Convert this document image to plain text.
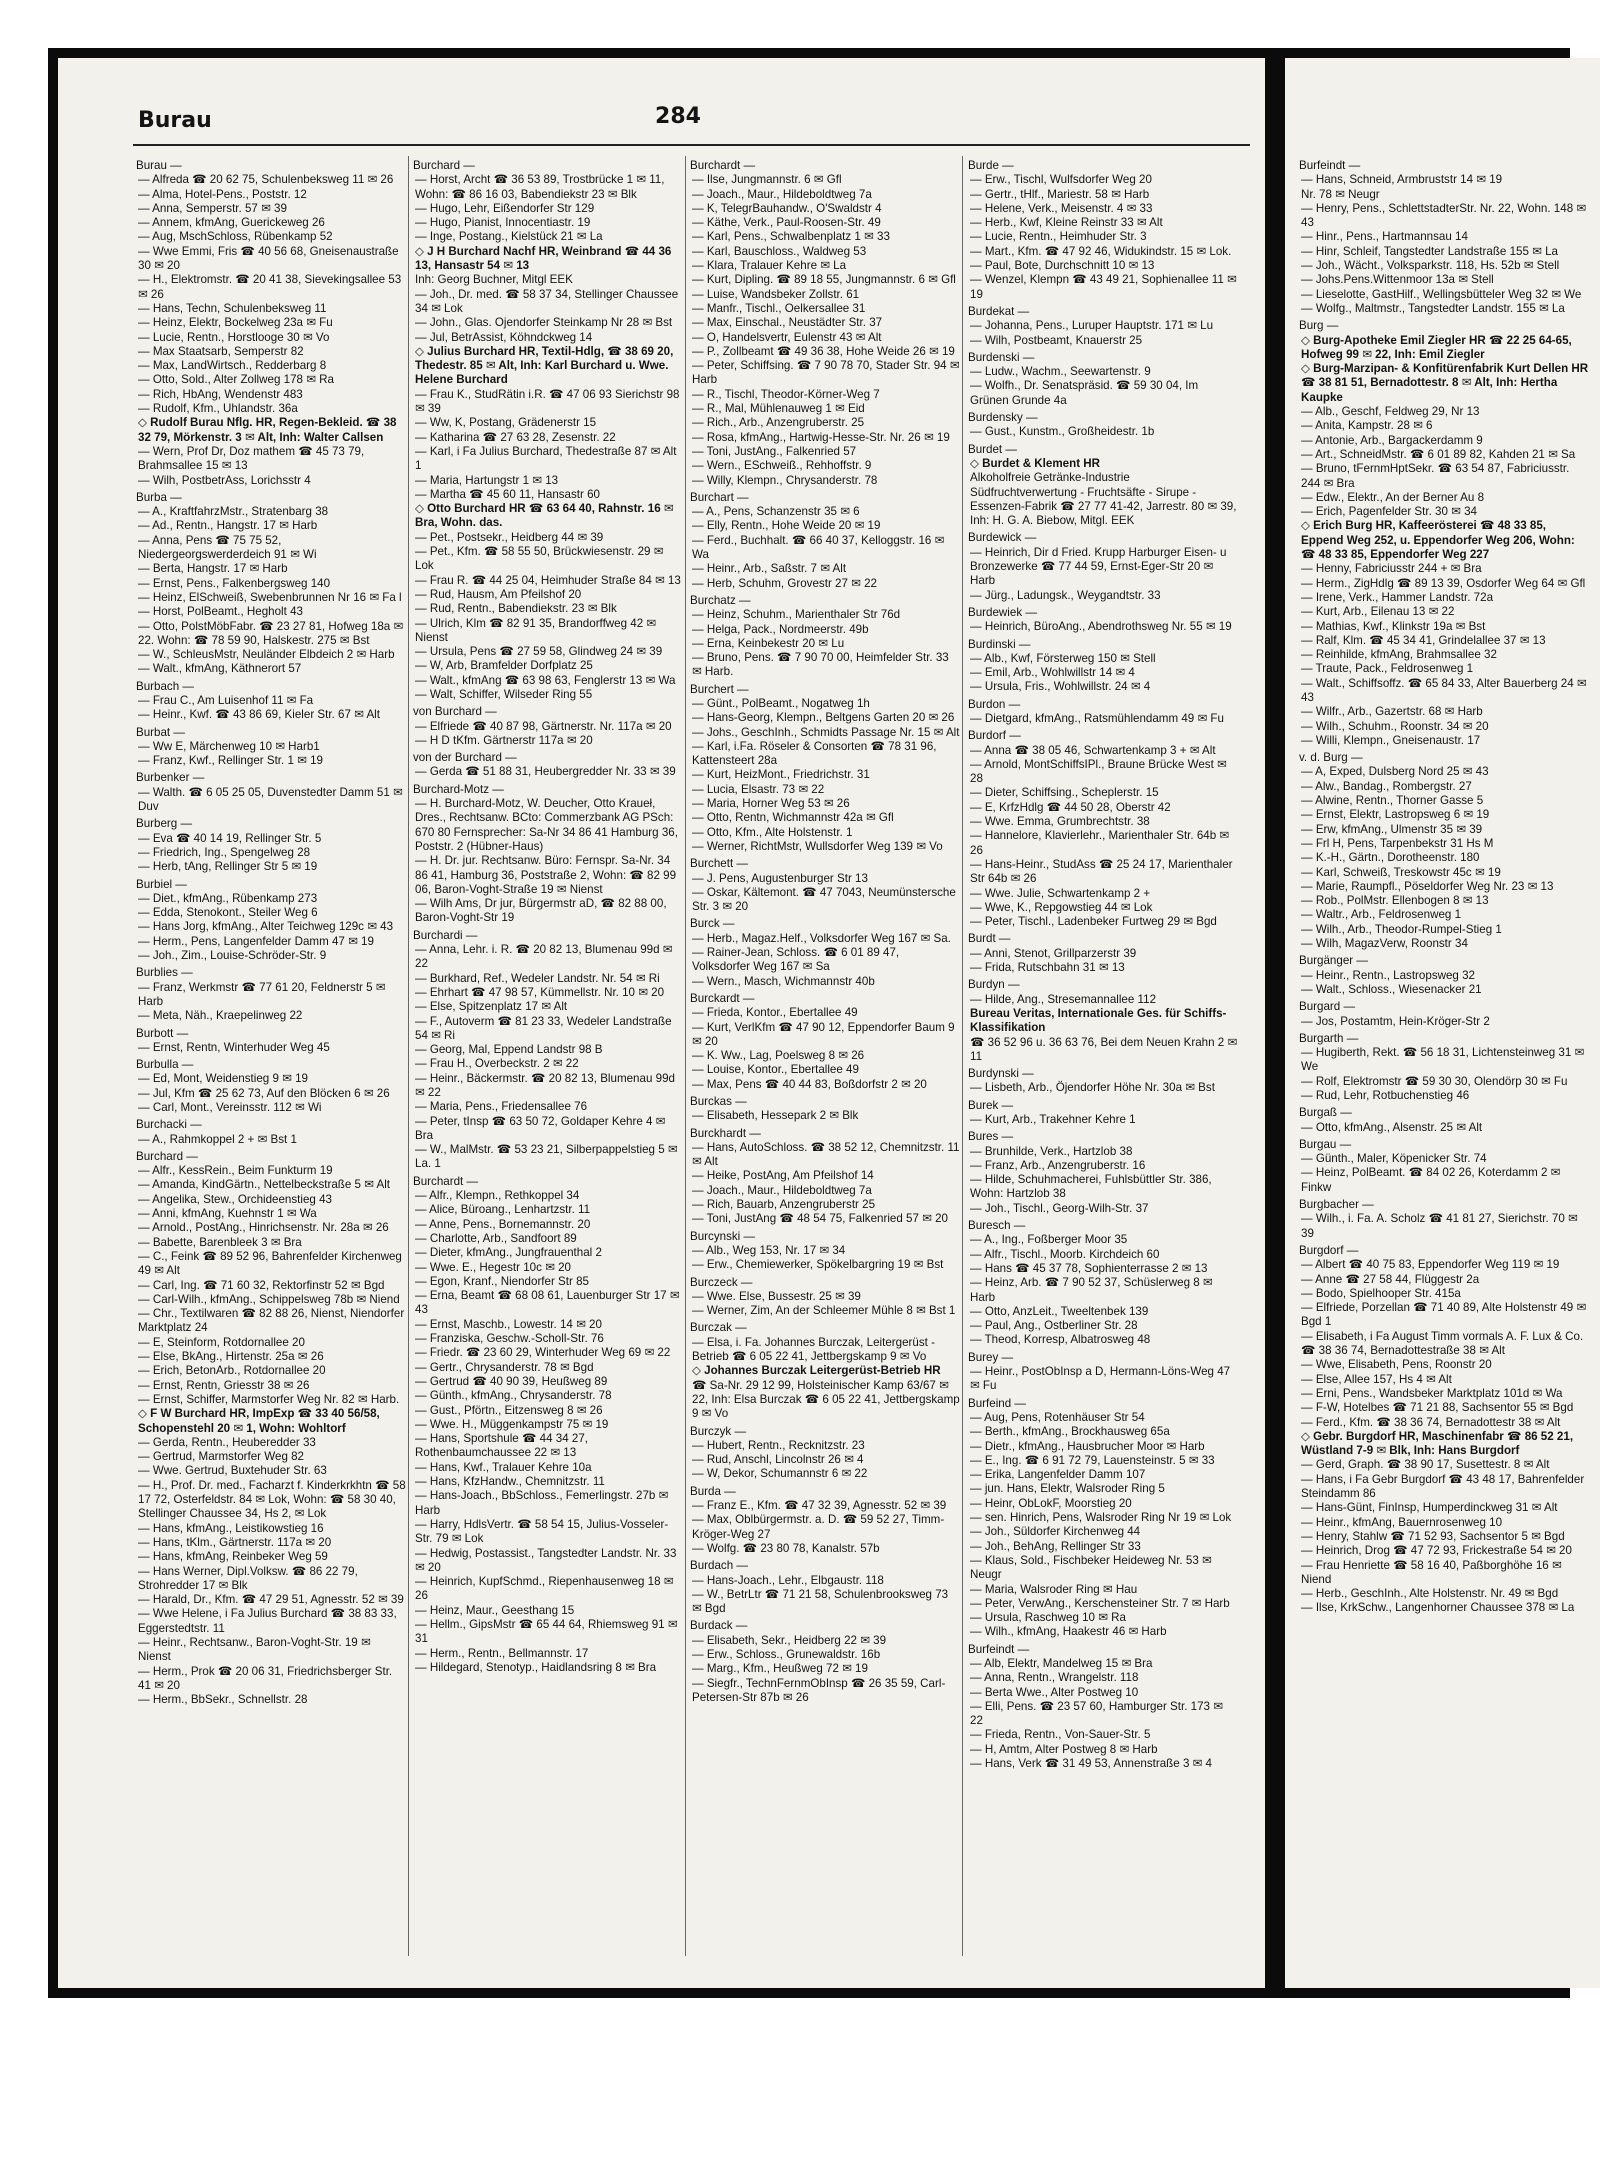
Burau	284
Burau —
— Alfreda ☎ 20 62 75, Schulenbeksweg 11 ✉ 26
— Alma, Hotel-Pens., Poststr. 12
— Anna, Semperstr. 57 ✉ 39
— Annem, kfmAng, Guerickeweg 26
— Aug, MschSchloss, Rübenkamp 52
— Wwe Emmi, Fris ☎ 40 56 68, Gneisenaustraße 30 ✉ 20
— H., Elektromstr. ☎ 20 41 38, Sievekingsallee 53 ✉ 26
— Hans, Techn, Schulenbeksweg 11
— Heinz, Elektr, Bockelweg 23a ✉ Fu
— Lucie, Rentn., Horstlooge 30 ✉ Vo
— Max Staatsarb, Semperstr 82
— Max, LandWirtsch., Redderbarg 8
— Otto, Sold., Alter Zollweg 178 ✉ Ra
— Rich, HbAng, Wendenstr 483
— Rudolf, Kfm., Uhlandstr. 36a
◇ Rudolf Burau Nflg. HR, Regen-Bekleid. ☎ 38 32 79, Mörkenstr. 3 ✉ Alt, Inh: Walter Callsen
— Wern, Prof Dr, Doz mathem ☎ 45 73 79, Brahmsallee 15 ✉ 13
— Wilh, PostbetrAss, Lorichsstr 4
Burba —
— A., KraftfahrzMstr., Stratenbarg 38
— Ad., Rentn., Hangstr. 17 ✉ Harb
— Anna, Pens ☎ 75 75 52, Niedergeorgswerderdeich 91 ✉ Wi
— Berta, Hangstr. 17 ✉ Harb
— Ernst, Pens., Falkenbergsweg 140
— Heinz, ElSchweiß, Swebenbrunnen Nr 16 ✉ Fa l
— Horst, PolBeamt., Hegholt 43
— Otto, PolstMöbFabr. ☎ 23 27 81, Hofweg 18a ✉ 22. Wohn: ☎ 78 59 90, Halskestr. 275 ✉ Bst
— W., SchleusMstr, Neuländer Elbdeich 2 ✉ Harb
— Walt., kfmAng, Käthnerort 57
Burbach —
— Frau C., Am Luisenhof 11 ✉ Fa
— Heinr., Kwf. ☎ 43 86 69, Kieler Str. 67 ✉ Alt
Burbat —
— Ww E, Märchenweg 10 ✉ Harb1
— Franz, Kwf., Rellinger Str. 1 ✉ 19
Burbenker —
— Walth. ☎ 6 05 25 05, Duvenstedter Damm 51 ✉ Duv
Burberg —
— Eva ☎ 40 14 19, Rellinger Str. 5
— Friedrich, Ing., Spengelweg 28
— Herb, tAng, Rellinger Str 5 ✉ 19
Burbiel —
— Diet., kfmAng., Rübenkamp 273
— Edda, Stenokont., Steiler Weg 6
— Hans Jorg, kfmAng., Alter Teichweg 129c ✉ 43
— Herm., Pens, Langenfelder Damm 47 ✉ 19
— Joh., Zim., Louise-Schröder-Str. 9
Burblies —
— Franz, Werkmstr ☎ 77 61 20, Feldnerstr 5 ✉ Harb
— Meta, Näh., Kraepelinweg 22
Burbott —
— Ernst, Rentn, Winterhuder Weg 45
Burbulla —
— Ed, Mont, Weidenstieg 9 ✉ 19
— Jul, Kfm ☎ 25 62 73, Auf den Blöcken 6 ✉ 26
— Carl, Mont., Vereinsstr. 112 ✉ Wi
Burchacki —
— A., Rahmkoppel 2 + ✉ Bst 1
Burchard —
— Alfr., KessRein., Beim Funkturm 19
— Amanda, KindGärtn., Nettelbeckstraße 5 ✉ Alt
— Angelika, Stew., Orchideenstieg 43
— Anni, kfmAng, Kuehnstr 1 ✉ Wa
— Arnold., PostAng., Hinrichsenstr. Nr. 28a ✉ 26
— Babette, Barenbleek 3 ✉ Bra
— C., Feink ☎ 89 52 96, Bahrenfelder Kirchenweg 49 ✉ Alt
— Carl, Ing. ☎ 71 60 32, Rektorfinstr 52 ✉ Bgd
— Carl-Wilh., kfmAng., Schippelsweg 78b ✉ Niend
— Chr., Textilwaren ☎ 82 88 26, Nienst, Niendorfer Marktplatz 24
— E, Steinform, Rotdornallee 20
— Else, BkAng., Hirtenstr. 25a ✉ 26
— Erich, BetonArb., Rotdornallee 20
— Ernst, Rentn, Griesstr 38 ✉ 26
— Ernst, Schiffer, Marmstorfer Weg Nr. 82 ✉ Harb.
◇ F W Burchard HR, ImpExp ☎ 33 40 56/58, Schopenstehl 20 ✉ 1, Wohn: Wohltorf
— Gerda, Rentn., Heuberedder 33
— Gertrud, Marmstorfer Weg 82
— Wwe. Gertrud, Buxtehuder Str. 63
— H., Prof. Dr. med., Facharzt f. Kinderkrkhtn ☎ 58 17 72, Osterfeldstr. 84 ✉ Lok, Wohn: ☎ 58 30 40, Stellinger Chaussee 34, Hs 2, ✉ Lok
— Hans, kfmAng., Leistikowstieg 16
— Hans, tKlm., Gärtnerstr. 117a ✉ 20
— Hans, kfmAng, Reinbeker Weg 59
— Hans Werner, Dipl.Volksw. ☎ 86 22 79, Strohredder 17 ✉ Blk
— Harald, Dr., Kfm. ☎ 47 29 51, Agnesstr. 52 ✉ 39
— Wwe Helene, i Fa Julius Burchard ☎ 38 83 33, Eggerstedtstr. 11
— Heinr., Rechtsanw., Baron-Voght-Str. 19 ✉ Nienst
— Herm., Prok ☎ 20 06 31, Friedrichsberger Str. 41 ✉ 20
— Herm., BbSekr., Schnellstr. 28
Burchard —
— Horst, Archt ☎ 36 53 89, Trostbrücke 1 ✉ 11, Wohn: ☎ 86 16 03, Babendiekstr 23 ✉ Blk
— Hugo, Lehr, Eißendorfer Str 129
— Hugo, Pianist, Innocentiastr. 19
— Inge, Postang., Kielstück 21 ✉ La
◇ J H Burchard Nachf HR, Weinbrand ☎ 44 36 13, Hansastr 54 ✉ 13
Inh: Georg Buchner, Mitgl EEK
— Joh., Dr. med. ☎ 58 37 34, Stellinger Chaussee 34 ✉ Lok
— John., Glas. Ojendorfer Steinkamp Nr 28 ✉ Bst
— Jul, BetrAssist, Köhndckweg 14
◇ Julius Burchard HR, Textil-Hdlg, ☎ 38 69 20, Thedestr. 85 ✉ Alt, Inh: Karl Burchard u. Wwe. Helene Burchard
— Frau K., StudRätin i.R. ☎ 47 06 93 Sierichstr 98 ✉ 39
— Ww, K, Postang, Grädenerstr 15
— Katharina ☎ 27 63 28, Zesenstr. 22
— Karl, i Fa Julius Burchard, Thedestraße 87 ✉ Alt 1
— Maria, Hartungstr 1 ✉ 13
— Martha ☎ 45 60 11, Hansastr 60
◇ Otto Burchard HR ☎ 63 64 40, Rahnstr. 16 ✉ Bra, Wohn. das.
— Pet., Postsekr., Heidberg 44 ✉ 39
— Pet., Kfm. ☎ 58 55 50, Brückwiesenstr. 29 ✉ Lok
— Frau R. ☎ 44 25 04, Heimhuder Straße 84 ✉ 13
— Rud, Hausm, Am Pfeilshof 20
— Rud, Rentn., Babendiekstr. 23 ✉ Blk
— Ulrich, Klm ☎ 82 91 35, Brandorffweg 42 ✉ Nienst
— Ursula, Pens ☎ 27 59 58, Glindweg 24 ✉ 39
— W, Arb, Bramfelder Dorfplatz 25
— Walt., kfmAng ☎ 63 98 63, Fenglerstr 13 ✉ Wa
— Walt, Schiffer, Wilseder Ring 55
von Burchard —
— Elfriede ☎ 40 87 98, Gärtnerstr. Nr. 117a ✉ 20
— H D tKfm. Gärtnerstr 117a ✉ 20
von der Burchard —
— Gerda ☎ 51 88 31, Heubergredder Nr. 33 ✉ 39
Burchard-Motz —
— H. Burchard-Motz, W. Deucher, Otto Kraueł, Dres., Rechtsanw. BCto: Commerzbank AG PSch: 670 80 Fernsprecher: Sa-Nr 34 86 41 Hamburg 36, Poststr. 2 (Hübner-Haus)
— H. Dr. jur. Rechtsanw. Büro: Fernspr. Sa-Nr. 34 86 41, Hamburg 36, Poststraße 2, Wohn: ☎ 82 99 06, Baron-Voght-Straße 19 ✉ Nienst
— Wilh Ams, Dr jur, Bürgermstr aD, ☎ 82 88 00, Baron-Voght-Str 19
Burchardi —
— Anna, Lehr. i. R. ☎ 20 82 13, Blumenau 99d ✉ 22
— Burkhard, Ref., Wedeler Landstr. Nr. 54 ✉ Ri
— Ehrhart ☎ 47 98 57, Kümmellstr. Nr. 10 ✉ 20
— Else, Spitzenplatz 17 ✉ Alt
— F., Autoverm ☎ 81 23 33, Wedeler Landstraße 54 ✉ Ri
— Georg, Mal, Eppend Landstr 98 B
— Frau H., Overbeckstr. 2 ✉ 22
— Heinr., Bäckermstr. ☎ 20 82 13, Blumenau 99d ✉ 22
— Maria, Pens., Friedensallee 76
— Peter, tInsp ☎ 63 50 72, Goldaper Kehre 4 ✉ Bra
— W., MalMstr. ☎ 53 23 21, Silberpappelstieg 5 ✉ La. 1
Burchardt —
— Alfr., Klempn., Rethkoppel 34
— Alice, Büroang., Lenhartzstr. 11
— Anne, Pens., Bornemannstr. 20
— Charlotte, Arb., Sandfoort 89
— Dieter, kfmAng., Jungfrauenthal 2
— Wwe. E., Hegestr 10c ✉ 20
— Egon, Kranf., Niendorfer Str 85
— Erna, Beamt ☎ 68 08 61, Lauenburger Str 17 ✉ 43
— Ernst, Maschb., Lowestr. 14 ✉ 20
— Franziska, Geschw.-Scholl-Str. 76
— Friedr. ☎ 23 60 29, Winterhuder Weg 69 ✉ 22
— Gertr., Chrysanderstr. 78 ✉ Bgd
— Gertrud ☎ 40 90 39, Heußweg 89
— Günth., kfmAng., Chrysanderstr. 78
— Gust., Pförtn., Eitzensweg 8 ✉ 26
— Wwe. H., Müggenkampstr 75 ✉ 19
— Hans, Sportshule ☎ 44 34 27, Rothenbaumchaussee 22 ✉ 13
— Hans, Kwf., Tralauer Kehre 10a
— Hans, KfzHandw., Chemnitzstr. 11
— Hans-Joach., BbSchloss., Femerlingstr. 27b ✉ Harb
— Harry, HdlsVertr. ☎ 58 54 15, Julius-Vosseler-Str. 79 ✉ Lok
— Hedwig, Postassist., Tangstedter Landstr. Nr. 33 ✉ 20
— Heinrich, KupfSchmd., Riepenhausenweg 18 ✉ 26
— Heinz, Maur., Geesthang 15
— Hellm., GipsMstr ☎ 65 44 64, Rhiemsweg 91 ✉ 31
— Herm., Rentn., Bellmannstr. 17
— Hildegard, Stenotyp., Haidlandsring 8 ✉ Bra
Burchardt —
— Ilse, Jungmannstr. 6 ✉ Gfl
— Joach., Maur., Hildeboldtweg 7a
— K, TelegrBauhandw., O'Swaldstr 4
— Käthe, Verk., Paul-Roosen-Str. 49
— Karl, Pens., Schwalbenplatz 1 ✉ 33
— Karl, Bauschloss., Waldweg 53
— Klara, Tralauer Kehre ✉ La
— Kurt, Dipling. ☎ 89 18 55, Jungmannstr. 6 ✉ Gfl
— Luise, Wandsbeker Zollstr. 61
— Manfr., Tischl., Oelkersallee 31
— Max, Einschal., Neustädter Str. 37
— O, Handelsvertr, Eulenstr 43 ✉ Alt
— P., Zollbeamt ☎ 49 36 38, Hohe Weide 26 ✉ 19
— Peter, Schiffsing. ☎ 7 90 78 70, Stader Str. 94 ✉ Harb
— R., Tischl, Theodor-Körner-Weg 7
— R., Mal, Mühlenauweg 1 ✉ Eid
— Rich., Arb., Anzengruberstr. 25
— Rosa, kfmAng., Hartwig-Hesse-Str. Nr. 26 ✉ 19
— Toni, JustAng., Falkenried 57
— Wern., ESchweiß., Rehhoffstr. 9
— Willy, Klempn., Chrysanderstr. 78
Burchart —
— A., Pens, Schanzenstr 35 ✉ 6
— Elly, Rentn., Hohe Weide 20 ✉ 19
— Ferd., Buchhalt. ☎ 66 40 37, Kelloggstr. 16 ✉ Wa
— Heinr., Arb., Saßstr. 7 ✉ Alt
— Herb, Schuhm, Grovestr 27 ✉ 22
Burchatz —
— Heinz, Schuhm., Marienthaler Str 76d
— Helga, Pack., Nordmeerstr. 49b
— Erna, Keinbekestr 20 ✉ Lu
— Bruno, Pens. ☎ 7 90 70 00, Heimfelder Str. 33 ✉ Harb.
Burchert —
— Günt., PolBeamt., Nogatweg 1h
— Hans-Georg, Klempn., Beltgens Garten 20 ✉ 26
— Johs., GeschInh., Schmidts Passage Nr. 15 ✉ Alt
— Karl, i.Fa. Röseler & Consorten ☎ 78 31 96, Kattensteert 28a
— Kurt, HeizMont., Friedrichstr. 31
— Lucia, Elsastr. 73 ✉ 22
— Maria, Horner Weg 53 ✉ 26
— Otto, Rentn, Wichmannstr 42a ✉ Gfl
— Otto, Kfm., Alte Holstenstr. 1
— Werner, RichtMstr, Wullsdorfer Weg 139 ✉ Vo
Burchett —
— J. Pens, Augustenburger Str 13
— Oskar, Kältemont. ☎ 47 7043, Neumünstersche Str. 3 ✉ 20
Burck —
— Herb., Magaz.Helf., Volksdorfer Weg 167 ✉ Sa.
— Rainer-Jean, Schloss. ☎ 6 01 89 47, Volksdorfer Weg 167 ✉ Sa
— Wern., Masch, Wichmannstr 40b
Burckardt —
— Frieda, Kontor., Ebertallee 49
— Kurt, VerlKfm ☎ 47 90 12, Eppendorfer Baum 9 ✉ 20
— K. Ww., Lag, Poelsweg 8 ✉ 26
— Louise, Kontor., Ebertallee 49
— Max, Pens ☎ 40 44 83, Boßdorfstr 2 ✉ 20
Burckas —
— Elisabeth, Hessepark 2 ✉ Blk
Burckhardt —
— Hans, AutoSchloss. ☎ 38 52 12, Chemnitzstr. 11 ✉ Alt
— Heike, PostAng, Am Pfeilshof 14
— Joach., Maur., Hildeboldtweg 7a
— Rich, Bauarb, Anzengruberstr 25
— Toni, JustAng ☎ 48 54 75, Falkenried 57 ✉ 20
Burcynski —
— Alb., Weg 153, Nr. 17 ✉ 34
— Erw., Chemiewerker, Spökelbargring 19 ✉ Bst
Burczeck —
— Wwe. Else, Bussestr. 25 ✉ 39
— Werner, Zim, An der Schleemer Mühle 8 ✉ Bst 1
Burczak —
— Elsa, i. Fa. Johannes Burczak, Leitergerüst - Betrieb ☎ 6 05 22 41, Jettbergskamp 9 ✉ Vo
◇ Johannes Burczak Leitergerüst-Betrieb HR
☎ Sa-Nr. 29 12 99, Holsteinischer Kamp 63/67 ✉ 22, Inh: Elsa Burczak ☎ 6 05 22 41, Jettbergskamp 9 ✉ Vo
Burczyk —
— Hubert, Rentn., Recknitzstr. 23
— Rud, Anschl, Lincolnstr 26 ✉ 4
— W, Dekor, Schumannstr 6 ✉ 22
Burda —
— Franz E., Kfm. ☎ 47 32 39, Agnesstr. 52 ✉ 39
— Max, Oblbürgermstr. a. D. ☎ 59 52 27, Timm-Kröger-Weg 27
— Wolfg. ☎ 23 80 78, Kanalstr. 57b
Burdach —
— Hans-Joach., Lehr., Elbgaustr. 118
— W., BetrLtr ☎ 71 21 58, Schulenbrooksweg 73 ✉ Bgd
Burdack —
— Elisabeth, Sekr., Heidberg 22 ✉ 39
— Erw., Schloss., Grunewaldstr. 16b
— Marg., Kfm., Heußweg 72 ✉ 19
— Siegfr., TechnFernmObInsp ☎ 26 35 59, Carl-Petersen-Str 87b ✉ 26
Burde —
— Erw., Tischl, Wulfsdorfer Weg 20
— Gertr., tHlf., Mariestr. 58 ✉ Harb
— Helene, Verk., Meisenstr. 4 ✉ 33
— Herb., Kwf, Kleine Reinstr 33 ✉ Alt
— Lucie, Rentn., Heimhuder Str. 3
— Mart., Kfm. ☎ 47 92 46, Widukindstr. 15 ✉ Lok.
— Paul, Bote, Durchschnitt 10 ✉ 13
— Wenzel, Klempn ☎ 43 49 21, Sophienallee 11 ✉ 19
Burdekat —
— Johanna, Pens., Luruper Hauptstr. 171 ✉ Lu
— Wilh, Postbeamt, Knauerstr 25
Burdenski —
— Ludw., Wachm., Seewartenstr. 9
— Wolfh., Dr. Senatspräsid. ☎ 59 30 04, Im Grünen Grunde 4a
Burdensky —
— Gust., Kunstm., Großheidestr. 1b
Burdet —
◇ Burdet & Klement HR
Alkoholfreie Getränke-Industrie Südfruchtverwertung - Fruchtsäfte - Sirupe - Essenzen-Fabrik ☎ 27 77 41-42, Jarrestr. 80 ✉ 39, Inh: H. G. A. Biebow, Mitgl. EEK
Burdewick —
— Heinrich, Dir d Fried. Krupp Harburger Eisen- u Bronzewerke ☎ 77 44 59, Ernst-Eger-Str 20 ✉ Harb
— Jürg., Ladungsk., Weygandtstr. 33
Burdewiek —
— Heinrich, BüroAng., Abendrothsweg Nr. 55 ✉ 19
Burdinski —
— Alb., Kwf, Försterweg 150 ✉ Stell
— Emil, Arb., Wohlwillstr 14 ✉ 4
— Ursula, Fris., Wohlwillstr. 24 ✉ 4
Burdon —
— Dietgard, kfmAng., Ratsmühlendamm 49 ✉ Fu
Burdorf —
— Anna ☎ 38 05 46, Schwartenkamp 3 + ✉ Alt
— Arnold, MontSchiffsIPl., Braune Brücke West ✉ 28
— Dieter, Schiffsing., Scheplerstr. 15
— E, KrfzHdlg ☎ 44 50 28, Oberstr 42
— Wwe. Emma, Grumbrechtstr. 38
— Hannelore, Klavierlehr., Marienthaler Str. 64b ✉ 26
— Hans-Heinr., StudAss ☎ 25 24 17, Marienthaler Str 64b ✉ 26
— Wwe. Julie, Schwartenkamp 2 +
— Wwe, K., Repgowstieg 44 ✉ Lok
— Peter, Tischl., Ladenbeker Furtweg 29 ✉ Bgd
Burdt —
— Anni, Stenot, Grillparzerstr 39
— Frida, Rutschbahn 31 ✉ 13
Burdyn —
— Hilde, Ang., Stresemannallee 112
Bureau Veritas, Internationale Ges. für Schiffs-Klassifikation
☎ 36 52 96 u. 36 63 76, Bei dem Neuen Krahn 2 ✉ 11
Burdynski —
— Lisbeth, Arb., Öjendorfer Höhe Nr. 30a ✉ Bst
Burek —
— Kurt, Arb., Trakehner Kehre 1
Bures —
— Brunhilde, Verk., Hartzlob 38
— Franz, Arb., Anzengruberstr. 16
— Hilde, Schuhmacherei, Fuhlsbüttler Str. 386, Wohn: Hartzlob 38
— Joh., Tischl., Georg-Wilh-Str. 37
Buresch —
— A., Ing., Foßberger Moor 35
— Alfr., Tischl., Moorb. Kirchdeich 60
— Hans ☎ 45 37 78, Sophienterrasse 2 ✉ 13
— Heinz, Arb. ☎ 7 90 52 37, Schüslerweg 8 ✉ Harb
— Otto, AnzLeit., Tweeltenbek 139
— Paul, Ang., Ostberliner Str. 28
— Theod, Korresp, Albatrosweg 48
Burey —
— Heinr., PostObInsp a D, Hermann-Löns-Weg 47 ✉ Fu
Burfeind —
— Aug, Pens, Rotenhäuser Str 54
— Berth., kfmAng., Brockhausweg 65a
— Dietr., kfmAng., Hausbrucher Moor ✉ Harb
— E., Ing. ☎ 6 91 72 79, Lauensteinstr. 5 ✉ 33
— Erika, Langenfelder Damm 107
— jun. Hans, Elektr, Walsroder Ring 5
— Heinr, ObLokF, Moorstieg 20
— sen. Hinrich, Pens, Walsroder Ring Nr 19 ✉ Lok
— Joh., Süldorfer Kirchenweg 44
— Joh., BehAng, Rellinger Str 33
— Klaus, Sold., Fischbeker Heideweg Nr. 53 ✉ Neugr
— Maria, Walsroder Ring ✉ Hau
— Peter, VerwAng., Kerschensteiner Str. 7 ✉ Harb
— Ursula, Raschweg 10 ✉ Ra
— Wilh., kfmAng, Haakestr 46 ✉ Harb
Burfeindt —
— Alb, Elektr, Mandelweg 15 ✉ Bra
— Anna, Rentn., Wrangelstr. 118
— Berta Wwe., Alter Postweg 10
— Elli, Pens. ☎ 23 57 60, Hamburger Str. 173 ✉ 22
— Frieda, Rentn., Von-Sauer-Str. 5
— H, Amtm, Alter Postweg 8 ✉ Harb
— Hans, Verk ☎ 31 49 53, Annenstraße 3 ✉ 4
Burfeindt —
— Hans, Schneid, Armbruststr 14 ✉ 19
Nr. 78 ✉ Neugr
— Henry, Pens., SchlettstadterStr. Nr. 22, Wohn. 148 ✉ 43
— Hinr., Pens., Hartmannsau 14
— Hinr, Schleif, Tangstedter Landstraße 155 ✉ La
— Joh., Wächt., Volksparkstr. 118, Hs. 52b ✉ Stell
— Johs.Pens.Wittenmoor 13a ✉ Stell
— Lieselotte, GastHilf., Wellingsbütteler Weg 32 ✉ We
— Wolfg., Maltmstr., Tangstedter Landstr. 155 ✉ La
Burg —
◇ Burg-Apotheke Emil Ziegler HR ☎ 22 25 64-65, Hofweg 99 ✉ 22, Inh: Emil Ziegler
◇ Burg-Marzipan- & Konfitürenfabrik Kurt Dellen HR ☎ 38 81 51, Bernadottestr. 8 ✉ Alt, Inh: Hertha Kaupke
— Alb., Geschf, Feldweg 29, Nr 13
— Anita, Kampstr. 28 ✉ 6
— Antonie, Arb., Bargackerdamm 9
— Art., SchneidMstr. ☎ 6 01 89 82, Kahden 21 ✉ Sa
— Bruno, tFernmHptSekr. ☎ 63 54 87, Fabriciusstr. 244 ✉ Bra
— Edw., Elektr., An der Berner Au 8
— Erich, Pagenfelder Str. 30 ✉ 34
◇ Erich Burg HR, Kaffeerösterei ☎ 48 33 85, Eppend Weg 252, u. Eppendorfer Weg 206, Wohn: ☎ 48 33 85, Eppendorfer Weg 227
— Henny, Fabriciusstr 244 + ✉ Bra
— Herm., ZigHdlg ☎ 89 13 39, Osdorfer Weg 64 ✉ Gfl
— Irene, Verk., Hammer Landstr. 72a
— Kurt, Arb., Eilenau 13 ✉ 22
— Mathias, Kwf., Klinkstr 19a ✉ Bst
— Ralf, Klm. ☎ 45 34 41, Grindelallee 37 ✉ 13
— Reinhilde, kfmAng, Brahmsallee 32
— Traute, Pack., Feldrosenweg 1
— Walt., Schiffsoffz. ☎ 65 84 33, Alter Bauerberg 24 ✉ 43
— Wilfr., Arb., Gazertstr. 68 ✉ Harb
— Wilh., Schuhm., Roonstr. 34 ✉ 20
— Willi, Klempn., Gneisenaustr. 17
v. d. Burg —
— A, Exped, Dulsberg Nord 25 ✉ 43
— Alw., Bandag., Rombergstr. 27
— Alwine, Rentn., Thorner Gasse 5
— Ernst, Elektr, Lastropsweg 6 ✉ 19
— Erw, kfmAng., Ulmenstr 35 ✉ 39
— Frl H, Pens, Tarpenbekstr 31 Hs M
— K.-H., Gärtn., Dorotheenstr. 180
— Karl, Schweiß, Treskowstr 45c ✉ 19
— Marie, Raumpfl., Pöseldorfer Weg Nr. 23 ✉ 13
— Rob., PolMstr. Ellenbogen 8 ✉ 13
— Waltr., Arb., Feldrosenweg 1
— Wilh., Arb., Theodor-Rumpel-Stieg 1
— Wilh, MagazVerw, Roonstr 34
Burgänger —
— Heinr., Rentn., Lastropsweg 32
— Walt., Schloss., Wiesenacker 21
Burgard —
— Jos, Postamtm, Hein-Kröger-Str 2
Burgarth —
— Hugiberth, Rekt. ☎ 56 18 31, Lichtensteinweg 31 ✉ We
— Rolf, Elektromstr ☎ 59 30 30, Olendörp 30 ✉ Fu
— Rud, Lehr, Rotbuchenstieg 46
Burgaß —
— Otto, kfmAng., Alsenstr. 25 ✉ Alt
Burgau —
— Günth., Maler, Köpenicker Str. 74
— Heinz, PolBeamt. ☎ 84 02 26, Koterdamm 2 ✉ Finkw
Burgbacher —
— Wilh., i. Fa. A. Scholz ☎ 41 81 27, Sierichstr. 70 ✉ 39
Burgdorf —
— Albert ☎ 40 75 83, Eppendorfer Weg 119 ✉ 19
— Anne ☎ 27 58 44, Flüggestr 2a
— Bodo, Spielhooper Str. 415a
— Elfriede, Porzellan ☎ 71 40 89, Alte Holstenstr 49 ✉ Bgd 1
— Elisabeth, i Fa August Timm vormals A. F. Lux & Co. ☎ 38 36 74, Bernadottestraße 38 ✉ Alt
— Wwe, Elisabeth, Pens, Roonstr 20
— Else, Allee 157, Hs 4 ✉ Alt
— Erni, Pens., Wandsbeker Marktplatz 101d ✉ Wa
— F-W, Hotelbes ☎ 71 21 88, Sachsentor 55 ✉ Bgd
— Ferd., Kfm. ☎ 38 36 74, Bernadottestr 38 ✉ Alt
◇ Gebr. Burgdorf HR, Maschinenfabr ☎ 86 52 21, Wüstland 7-9 ✉ Blk, Inh: Hans Burgdorf
— Gerd, Graph. ☎ 38 90 17, Susettestr. 8 ✉ Alt
— Hans, i Fa Gebr Burgdorf ☎ 43 48 17, Bahrenfelder Steindamm 86
— Hans-Günt, FinInsp, Humperdinckweg 31 ✉ Alt
— Heinr., kfmAng, Bauernrosenweg 10
— Henry, Stahlw ☎ 71 52 93, Sachsentor 5 ✉ Bgd
— Heinrich, Drog ☎ 47 72 93, Frickestraße 54 ✉ 20
— Frau Henriette ☎ 58 16 40, Paßborghöhe 16 ✉ Niend
— Herb., GeschInh., Alte Holstenstr. Nr. 49 ✉ Bgd
— Ilse, KrkSchw., Langenhorner Chaussee 378 ✉ La
